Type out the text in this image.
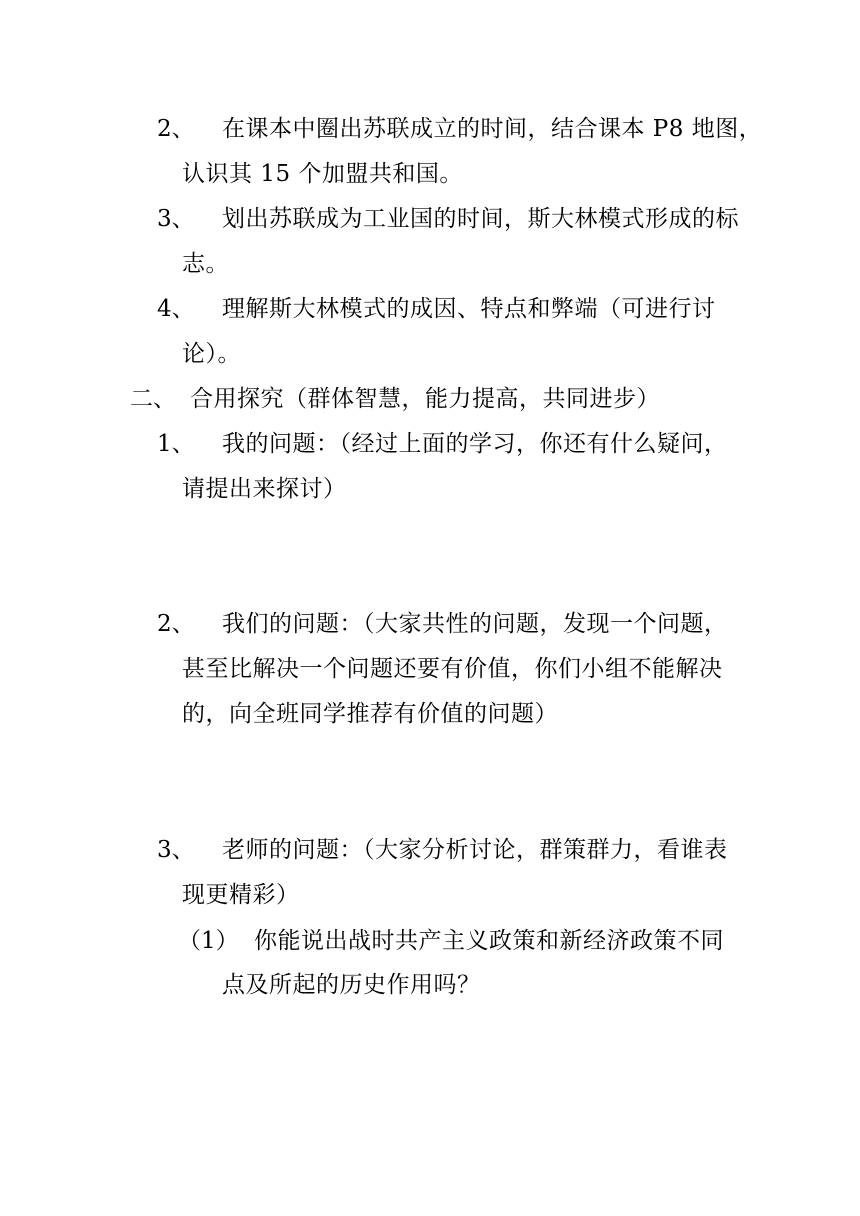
2、 在课本中圈出苏联成立的时间，结合课本 P8 地图，
认识其 15 个加盟共和国。
3、 划出苏联成为工业国的时间，斯大林模式形成的标
志。
4、 理解斯大林模式的成因、特点和弊端（可进行讨
论）。
二、 合用探究（群体智慧，能力提高，共同进步）
1、 我的问题：（经过上面的学习，你还有什么疑问，
请提出来探讨）
2、 我们的问题：（大家共性的问题，发现一个问题，
甚至比解决一个问题还要有价值，你们小组不能解决
的，向全班同学推荐有价值的问题）
3、 老师的问题：（大家分析讨论，群策群力，看谁表
现更精彩）
（1） 你能说出战时共产主义政策和新经济政策不同
点及所起的历史作用吗？
